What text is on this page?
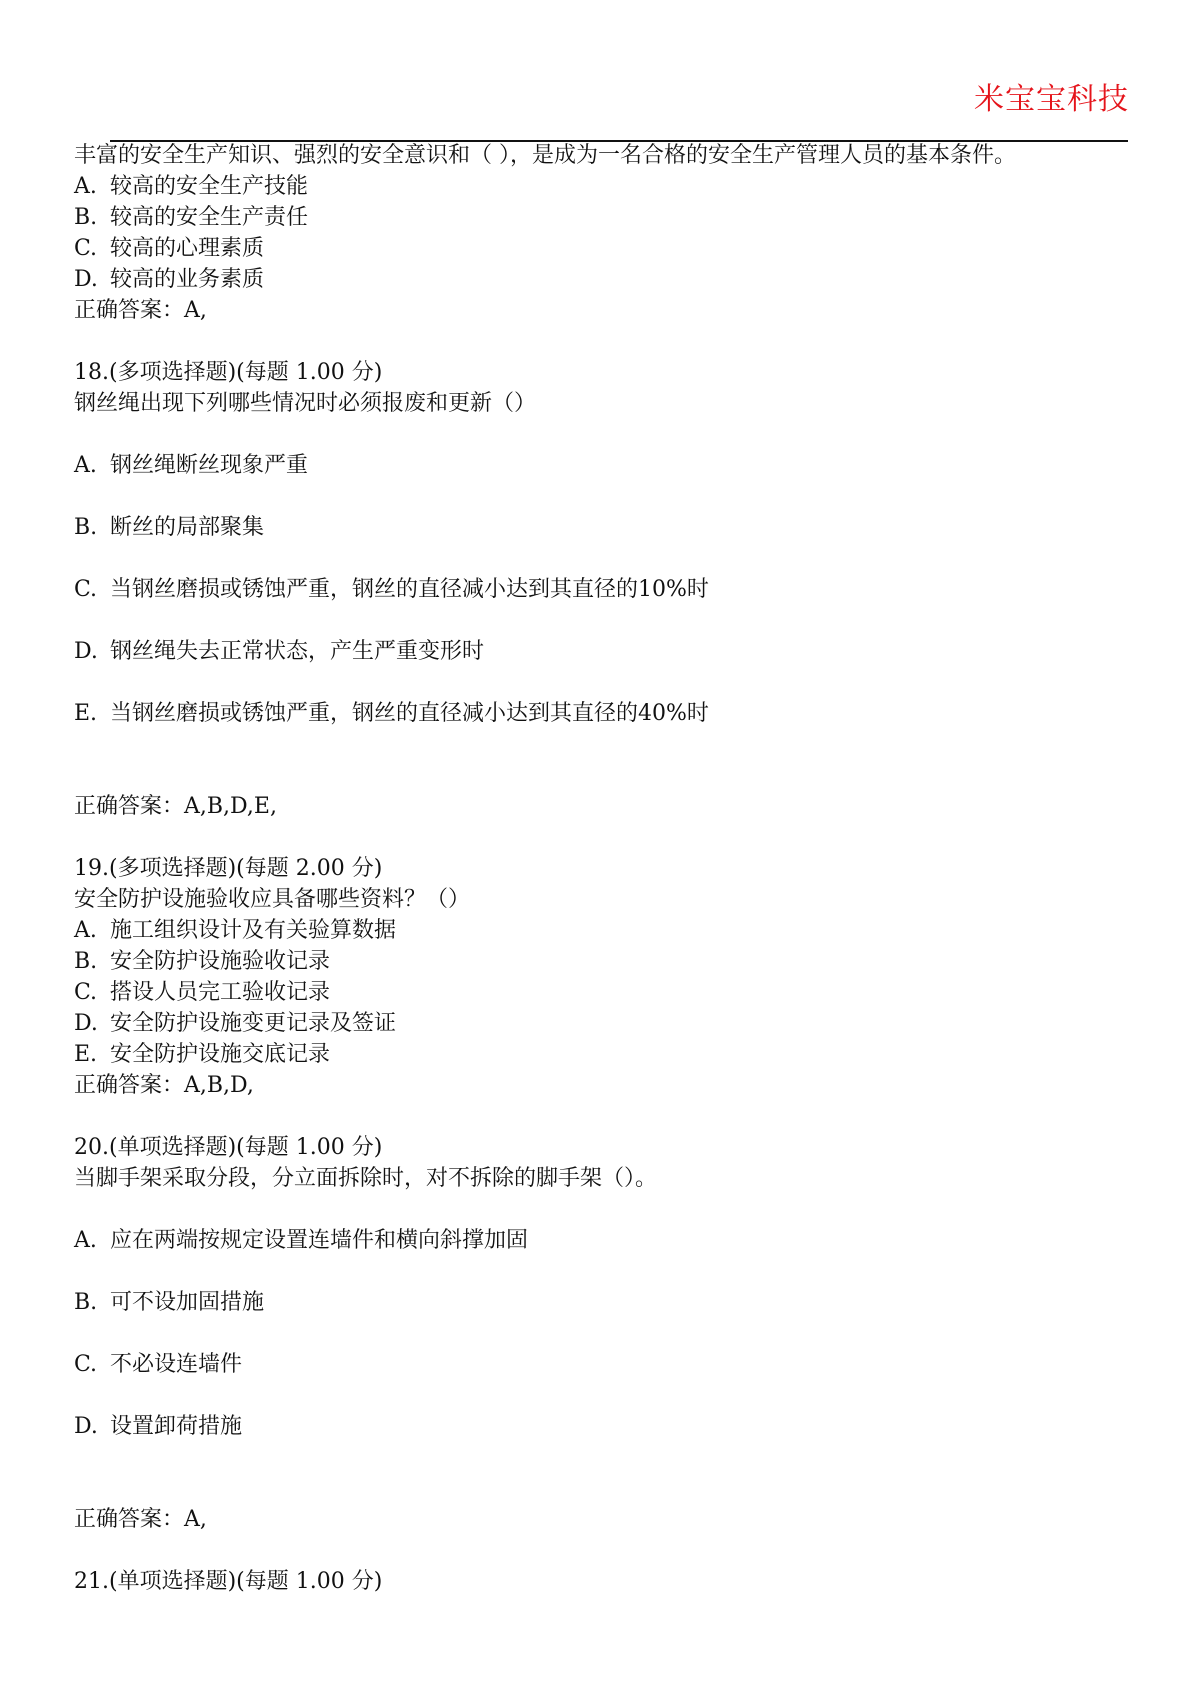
米宝宝科技
丰富的安全生产知识、强烈的安全意识和（ ），是成为一名合格的安全生产管理人员的基本条件。
A. 较高的安全生产技能
B. 较高的安全生产责任
C. 较高的心理素质
D. 较高的业务素质
正确答案：A,
18.(多项选择题)(每题 1.00 分)
钢丝绳出现下列哪些情况时必须报废和更新（）
A. 钢丝绳断丝现象严重
B. 断丝的局部聚集
C. 当钢丝磨损或锈蚀严重，钢丝的直径减小达到其直径的10%时
D. 钢丝绳失去正常状态，产生严重变形时
E. 当钢丝磨损或锈蚀严重，钢丝的直径减小达到其直径的40%时
正确答案：A,B,D,E,
19.(多项选择题)(每题 2.00 分)
安全防护设施验收应具备哪些资料？（）
A. 施工组织设计及有关验算数据
B. 安全防护设施验收记录
C. 搭设人员完工验收记录
D. 安全防护设施变更记录及签证
E. 安全防护设施交底记录
正确答案：A,B,D,
20.(单项选择题)(每题 1.00 分)
当脚手架采取分段，分立面拆除时，对不拆除的脚手架（）。
A. 应在两端按规定设置连墙件和横向斜撑加固
B. 可不设加固措施
C. 不必设连墙件
D. 设置卸荷措施
正确答案：A,
21.(单项选择题)(每题 1.00 分)
